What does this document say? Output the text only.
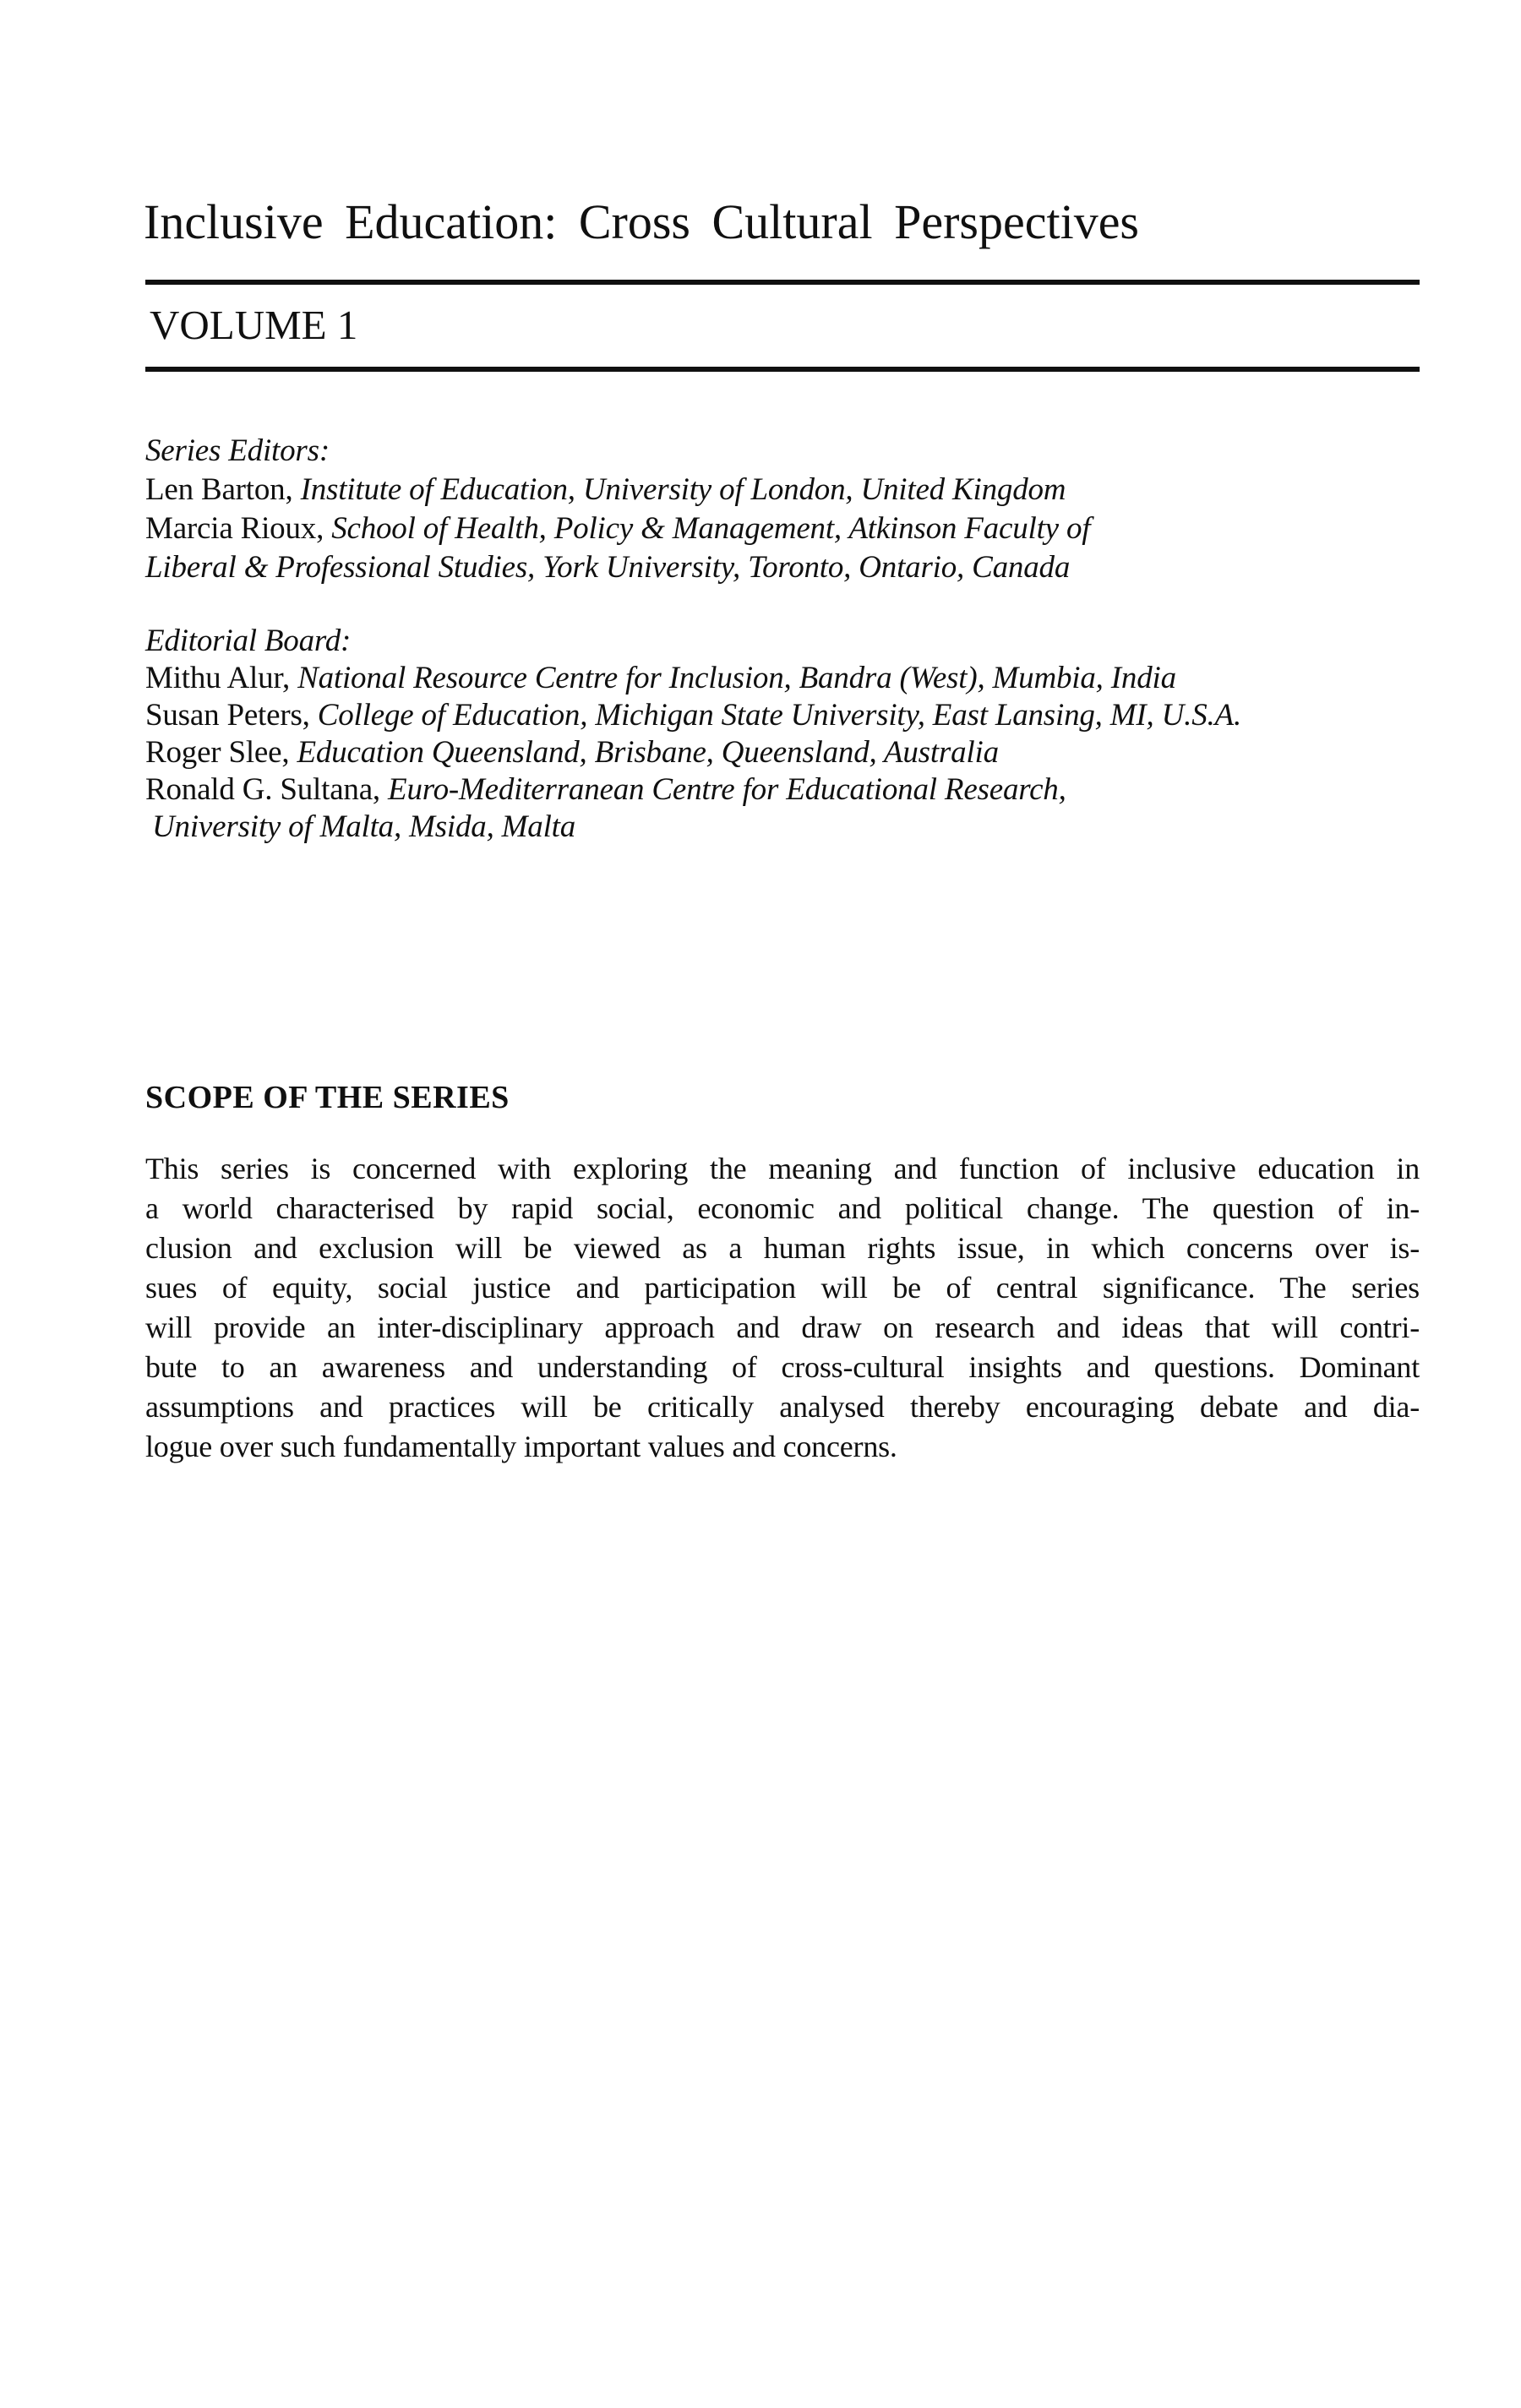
Inclusive Education: Cross Cultural Perspectives
VOLUME 1
Series Editors:
Len Barton, Institute of Education, University of London, United Kingdom
Marcia Rioux, School of Health, Policy & Management, Atkinson Faculty of
Liberal & Professional Studies, York University, Toronto, Ontario, Canada
Editorial Board:
Mithu Alur, National Resource Centre for Inclusion, Bandra (West), Mumbia, India
Susan Peters, College of Education, Michigan State University, East Lansing, MI, U.S.A.
Roger Slee, Education Queensland, Brisbane, Queensland, Australia
Ronald G. Sultana, Euro-Mediterranean Centre for Educational Research,
University of Malta, Msida, Malta
SCOPE OF THE SERIES
This series is concerned with exploring the meaning and function of inclusive education in
a world characterised by rapid social, economic and political change. The question of in-
clusion and exclusion will be viewed as a human rights issue, in which concerns over is-
sues of equity, social justice and participation will be of central significance. The series
will provide an inter-disciplinary approach and draw on research and ideas that will contri-
bute to an awareness and understanding of cross-cultural insights and questions. Dominant
assumptions and practices will be critically analysed thereby encouraging debate and dia-
logue over such fundamentally important values and concerns.
